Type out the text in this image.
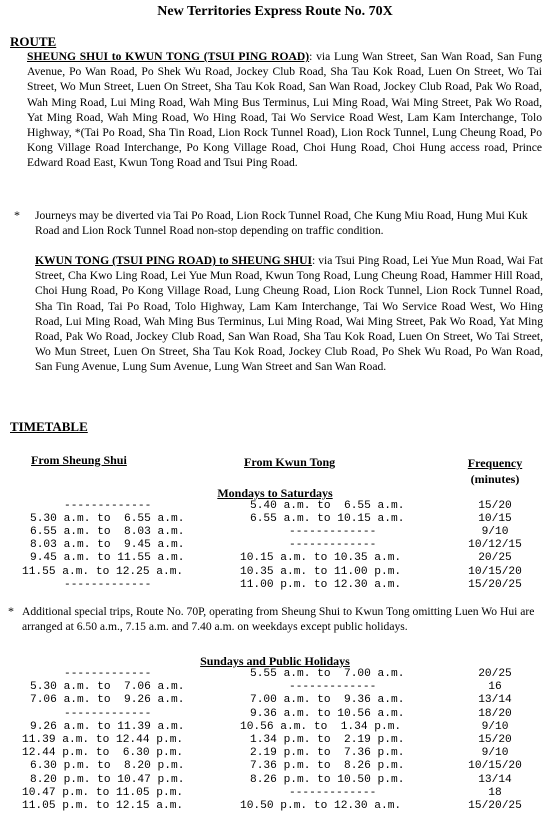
New Territories Express Route No. 70X
ROUTE
SHEUNG SHUI to KWUN TONG (TSUI PING ROAD): via Lung Wan Street, San Wan Road, San Fung Avenue, Po Wan Road, Po Shek Wu Road, Jockey Club Road, Sha Tau Kok Road, Luen On Street, Wo Tai Street, Wo Mun Street, Luen On Street, Sha Tau Kok Road, San Wan Road, Jockey Club Road, Pak Wo Road, Wah Ming Road, Lui Ming Road, Wah Ming Bus Terminus, Lui Ming Road, Wai Ming Street, Pak Wo Road, Yat Ming Road, Wah Ming Road, Wo Hing Road, Tai Wo Service Road West, Lam Kam Interchange, Tolo Highway, *(Tai Po Road, Sha Tin Road, Lion Rock Tunnel Road), Lion Rock Tunnel, Lung Cheung Road, Po Kong Village Road Interchange, Po Kong Village Road, Choi Hung Road, Choi Hung access road, Prince Edward Road East, Kwun Tong Road and Tsui Ping Road.
* Journeys may be diverted via Tai Po Road, Lion Rock Tunnel Road, Che Kung Miu Road, Hung Mui Kuk Road and Lion Rock Tunnel Road non-stop depending on traffic condition.
KWUN TONG (TSUI PING ROAD) to SHEUNG SHUI: via Tsui Ping Road, Lei Yue Mun Road, Wai Fat Street, Cha Kwo Ling Road, Lei Yue Mun Road, Kwun Tong Road, Lung Cheung Road, Hammer Hill Road, Choi Hung Road, Po Kong Village Road, Lung Cheung Road, Lion Rock Tunnel, Lion Rock Tunnel Road, Sha Tin Road, Tai Po Road, Tolo Highway, Lam Kam Interchange, Tai Wo Service Road West, Wo Hing Road, Lui Ming Road, Wah Ming Bus Terminus, Lui Ming Road, Wai Ming Street, Pak Wo Road, Yat Ming Road, Pak Wo Road, Jockey Club Road, San Wan Road, Sha Tau Kok Road, Luen On Street, Wo Tai Street, Wo Mun Street, Luen On Street, Sha Tau Kok Road, Jockey Club Road, Po Shek Wu Road, Po Wan Road, San Fung Avenue, Lung Sum Avenue, Lung Wan Street and San Wan Road.
TIMETABLE
From Sheung Shui	From Kwun Tong	Frequency
(minutes)
Mondays to Saturdays
-------------	5.40 a.m. to  6.55 a.m.	15/20
5.30 a.m. to  6.55 a.m.	6.55 a.m. to 10.15 a.m.	10/15
6.55 a.m. to  8.03 a.m.	-------------	9/10
8.03 a.m. to  9.45 a.m.	-------------	10/12/15
9.45 a.m. to 11.55 a.m.	10.15 a.m. to 10.35 a.m.	20/25
11.55 a.m. to 12.25 a.m.	10.35 a.m. to 11.00 p.m.	10/15/20
-------------	11.00 p.m. to 12.30 a.m.	15/20/25
* Additional special trips, Route No. 70P, operating from Sheung Shui to Kwun Tong omitting Luen Wo Hui are arranged at 6.50 a.m., 7.15 a.m. and 7.40 a.m. on weekdays except public holidays.
Sundays and Public Holidays
-------------	5.55 a.m. to  7.00 a.m.	20/25
5.30 a.m. to  7.06 a.m.	-------------	16
7.06 a.m. to  9.26 a.m.	7.00 a.m. to  9.36 a.m.	13/14
-------------	9.36 a.m. to 10.56 a.m.	18/20
9.26 a.m. to 11.39 a.m.	10.56 a.m. to  1.34 p.m.	9/10
11.39 a.m. to 12.44 p.m.	1.34 p.m. to  2.19 p.m.	15/20
12.44 p.m. to  6.30 p.m.	2.19 p.m. to  7.36 p.m.	9/10
6.30 p.m. to  8.20 p.m.	7.36 p.m. to  8.26 p.m.	10/15/20
8.20 p.m. to 10.47 p.m.	8.26 p.m. to 10.50 p.m.	13/14
10.47 p.m. to 11.05 p.m.	-------------	18
11.05 p.m. to 12.15 a.m.	10.50 p.m. to 12.30 a.m.	15/20/25
